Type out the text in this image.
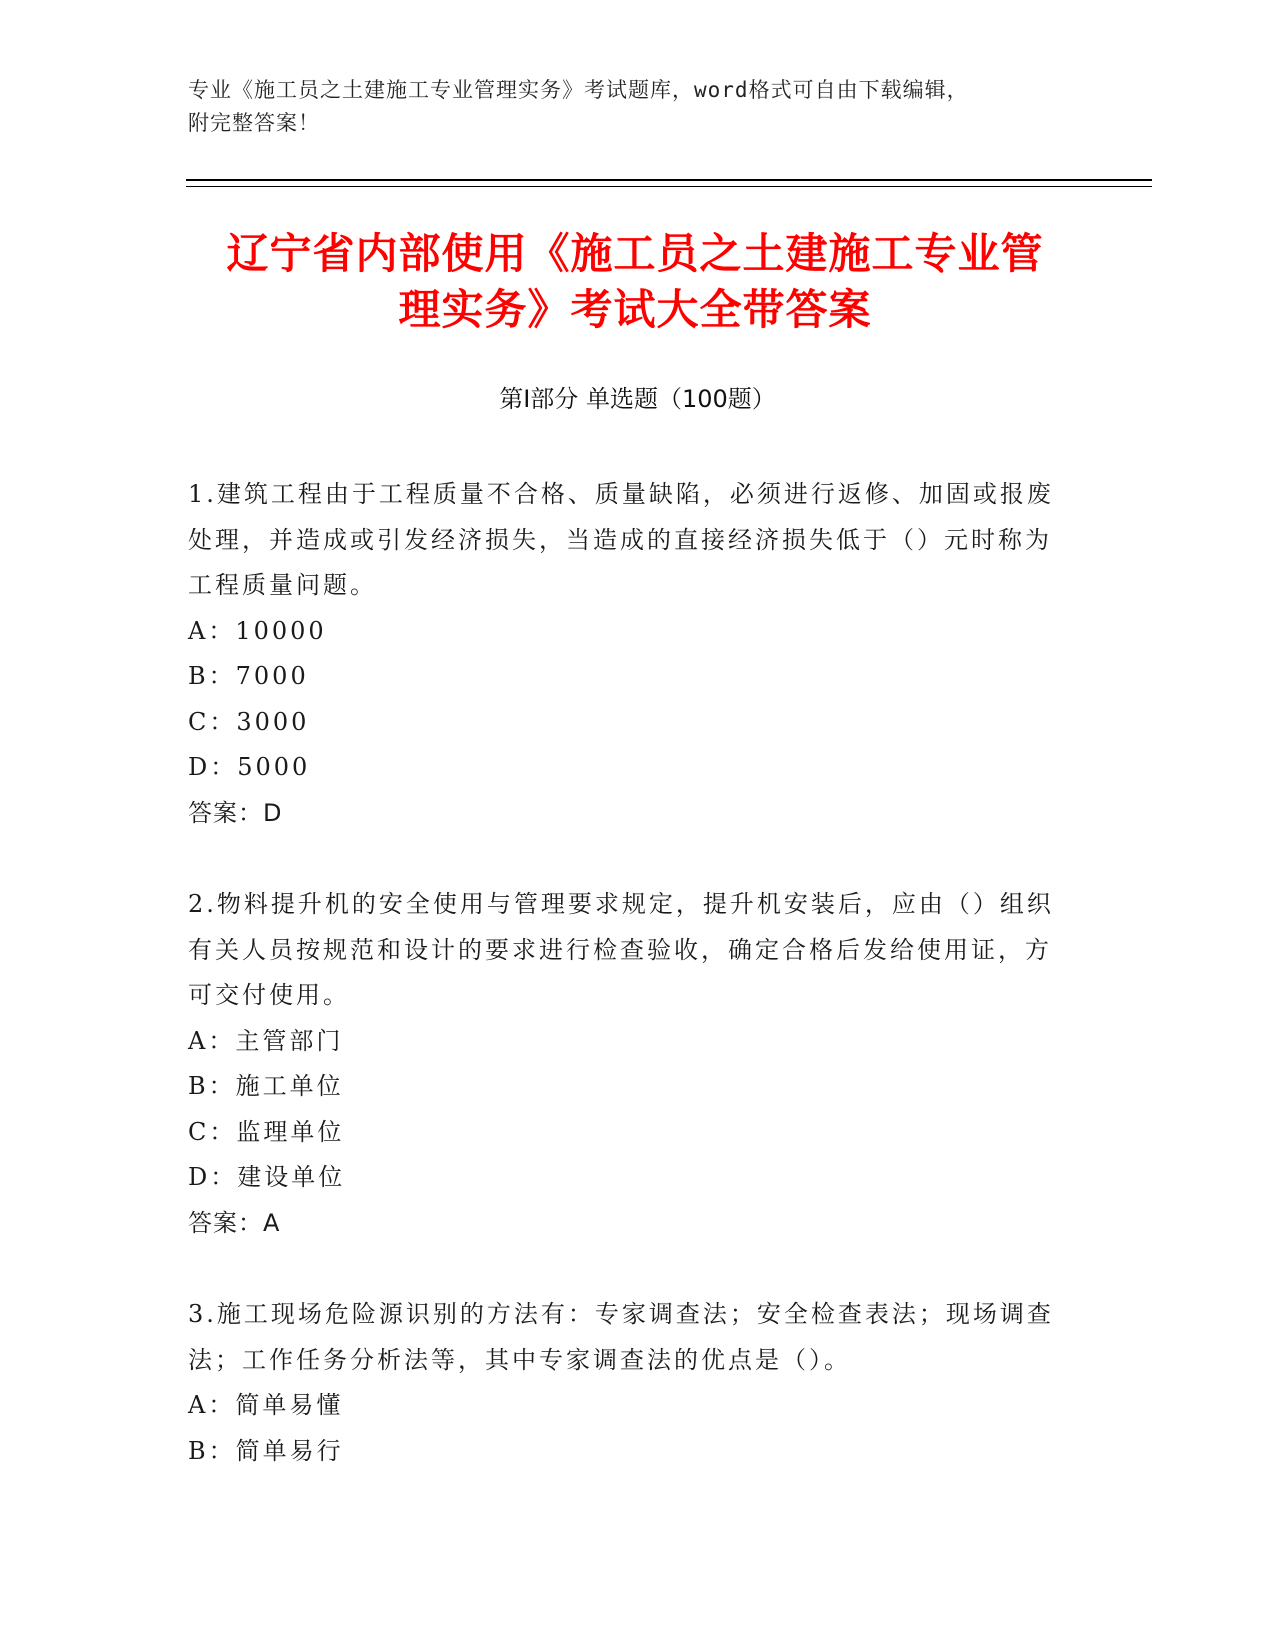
专业《施工员之土建施工专业管理实务》考试题库，word格式可自由下载编辑，
附完整答案！
辽宁省内部使用《施工员之土建施工专业管
理实务》考试大全带答案
第Ⅰ部分 单选题（100题）

1.建筑工程由于工程质量不合格、质量缺陷，必须进行返修、加固或报废处理，并造成或引发经济损失，当造成的直接经济损失低于（）元时称为工程质量问题。

A：10000

B：7000

C：3000

D：5000

答案：D

2.物料提升机的安全使用与管理要求规定，提升机安装后，应由（）组织有关人员按规范和设计的要求进行检查验收，确定合格后发给使用证，方可交付使用。

A：主管部门

B：施工单位

C：监理单位

D：建设单位

答案：A

3.施工现场危险源识别的方法有：专家调查法；安全检查表法；现场调查法；工作任务分析法等，其中专家调查法的优点是（）。

A：简单易懂

B：简单易行
